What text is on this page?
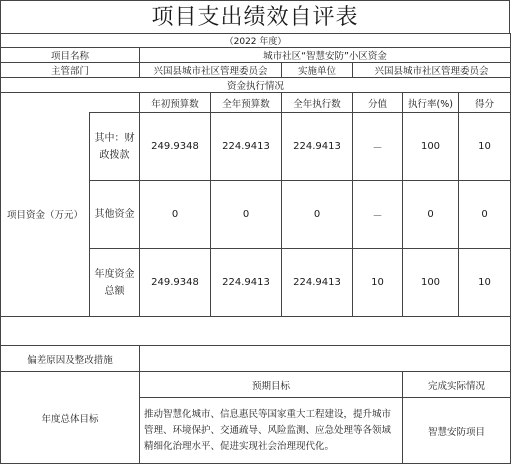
项目支出绩效自评表
（2022 年度）							
项目名称		城市社区“智慧安防”小区资金					
主管部门		兴国县城市社区管理委员会		实施单位	兴国县城市社区管理委员会		
资金执行情况							
		年初预算数	全年预算数	全年执行数	分值	执行率(%)	得分
项目资金（万元）	其中：财政拨款	249.9348	224.9413	224.9413	－	100	10
	其他资金	0	0	0	－	0	0
	年度资金总额	249.9348	224.9413	224.9413	10	100	10

偏差原因及整改措施							
年度总体目标		预期目标				完成实际情况	
		推动智慧化城市、信息惠民等国家重大工程建设，提升城市管理、环境保护、交通疏导、风险监测、应急处理等各领域精细化治理水平、促进实现社会治理现代化。				智慧安防项目	
